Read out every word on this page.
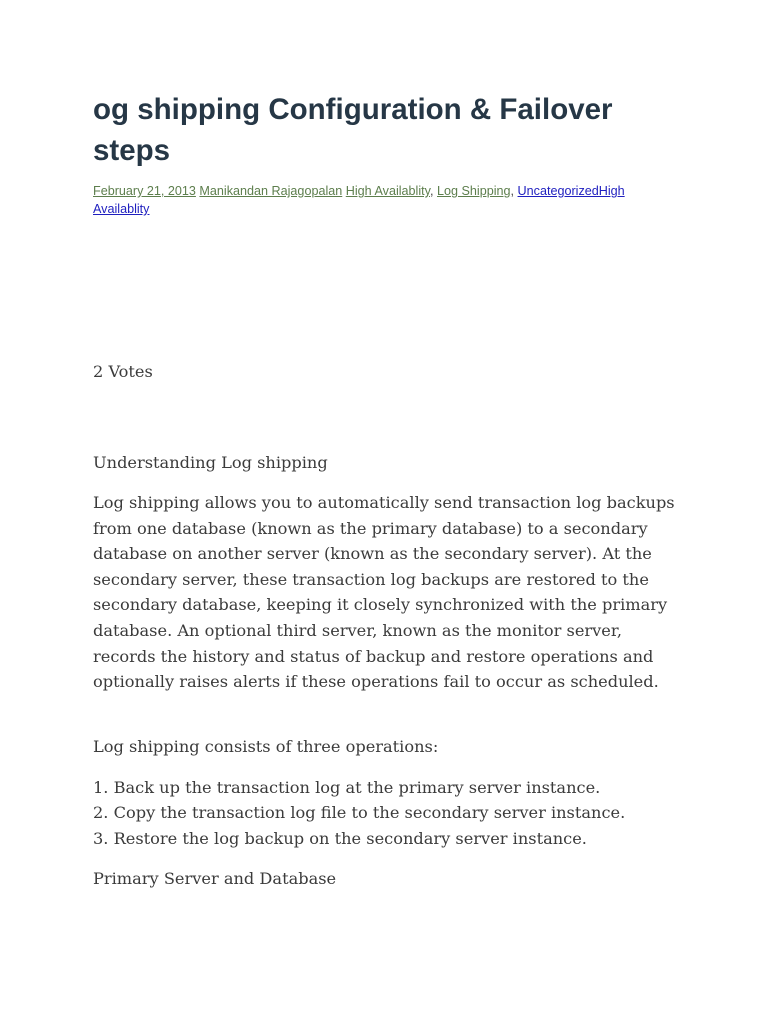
og shipping Configuration & Failover steps
February 21, 2013 Manikandan Rajagopalan High Availablity, Log Shipping, UncategorizedHigh Availablity

2 Votes

Understanding Log shipping

Log shipping allows you to automatically send transaction log backups from one database (known as the primary database) to a secondary database on another server (known as the secondary server). At the secondary server, these transaction log backups are restored to the secondary database, keeping it closely synchronized with the primary database. An optional third server, known as the monitor server, records the history and status of backup and restore operations and optionally raises alerts if these operations fail to occur as scheduled.

Log shipping consists of three operations:

1. Back up the transaction log at the primary server instance.
2. Copy the transaction log file to the secondary server instance.
3. Restore the log backup on the secondary server instance.

Primary Server and Database
